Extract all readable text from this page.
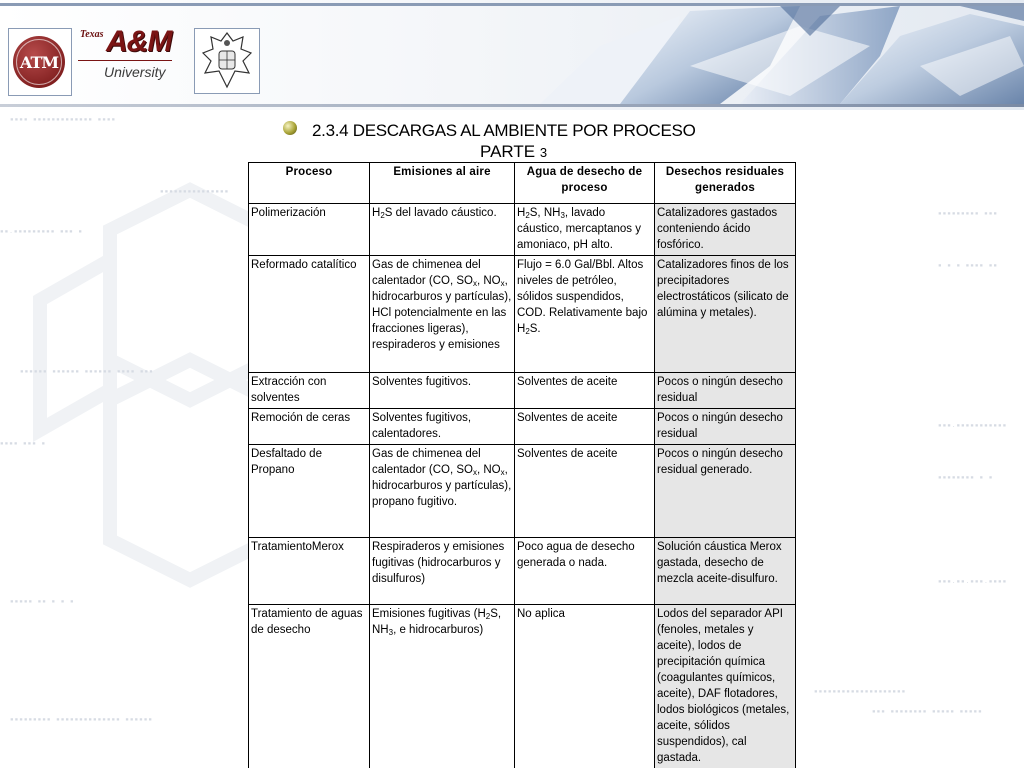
ATM
Texas A&M
University
▪▪▪▪ ▪▪▪▪▪▪▪▪▪▪▪▪▪ ▪▪▪▪
▪▪.▪▪▪▪▪▪▪▪▪ ▪▪▪ ▪
▪▪▪▪▪▪▪▪▪▪▪▪▪▪▪
▪▪▪▪▪▪ ▪▪▪▪▪▪ ▪▪▪▪▪▪ ▪▪▪▪ ▪▪▪
▪▪▪▪ ▪▪▪ ▪
▪▪▪▪▪ ▪▪ ▪ ▪ ▪
▪▪▪▪▪▪▪▪▪ ▪▪▪▪▪▪▪▪▪▪▪▪▪▪ ▪▪▪▪▪▪
▪▪▪▪▪▪▪▪▪ ▪▪▪
▪ ▪ ▪ ▪▪▪▪ ▪▪
▪▪▪.▪▪▪▪▪▪▪▪▪▪▪
▪▪▪▪▪▪▪▪ ▪ ▪
▪▪▪.▪▪.▪▪▪.▪▪▪▪
▪▪▪▪▪▪▪▪▪▪▪▪▪▪▪▪▪▪▪▪
▪▪▪ ▪▪▪▪▪▪▪▪ ▪▪▪▪▪ ▪▪▪▪▪
2.3.4 DESCARGAS AL AMBIENTE POR PROCESO
PARTE 3
Proceso	Emisiones al aire	Agua de desecho de proceso	Desechos residuales generados
Polimerización	$H_2S$ del lavado cáustico.	$H_2S$, $NH_3$, lavado cáustico, mercaptanos y amoniaco, pH alto.	Catalizadores gastados conteniendo ácido fosfórico.
Reformado catalítico	Gas de chimenea del calentador (CO, $SO_x$, $NO_x$, hidrocarburos y partículas), HCl potencialmente en las fracciones ligeras), respiraderos y emisiones	Flujo = 6.0 Gal/Bbl. Altos niveles de petróleo, sólidos suspendidos, COD. Relativamente bajo $H_2S$.	Catalizadores finos de los precipitadores electrostáticos (silicato de alúmina y metales).
Extracción con solventes	Solventes fugitivos.	Solventes de aceite	Pocos o ningún desecho residual
Remoción de ceras	Solventes fugitivos, calentadores.	Solventes de aceite	Pocos o ningún desecho residual
Desfaltado de Propano	Gas de chimenea del calentador (CO, $SO_x$, $NO_x$, hidrocarburos y partículas), propano fugitivo.	Solventes de aceite	Pocos o ningún desecho residual generado.
TratamientoMerox	Respiraderos y emisiones fugitivas (hidrocarburos y disulfuros)	Poco agua de desecho generada o nada.	Solución cáustica Merox gastada, desecho de mezcla aceite-disulfuro.
Tratamiento de aguas de desecho	Emisiones fugitivas ($H_2S$, $NH_3$, e hidrocarburos)	No aplica	Lodos del separador API (fenoles, metales y aceite), lodos de precipitación química (coagulantes químicos, aceite), DAF flotadores, lodos biológicos (metales, aceite, sólidos suspendidos), cal gastada.
